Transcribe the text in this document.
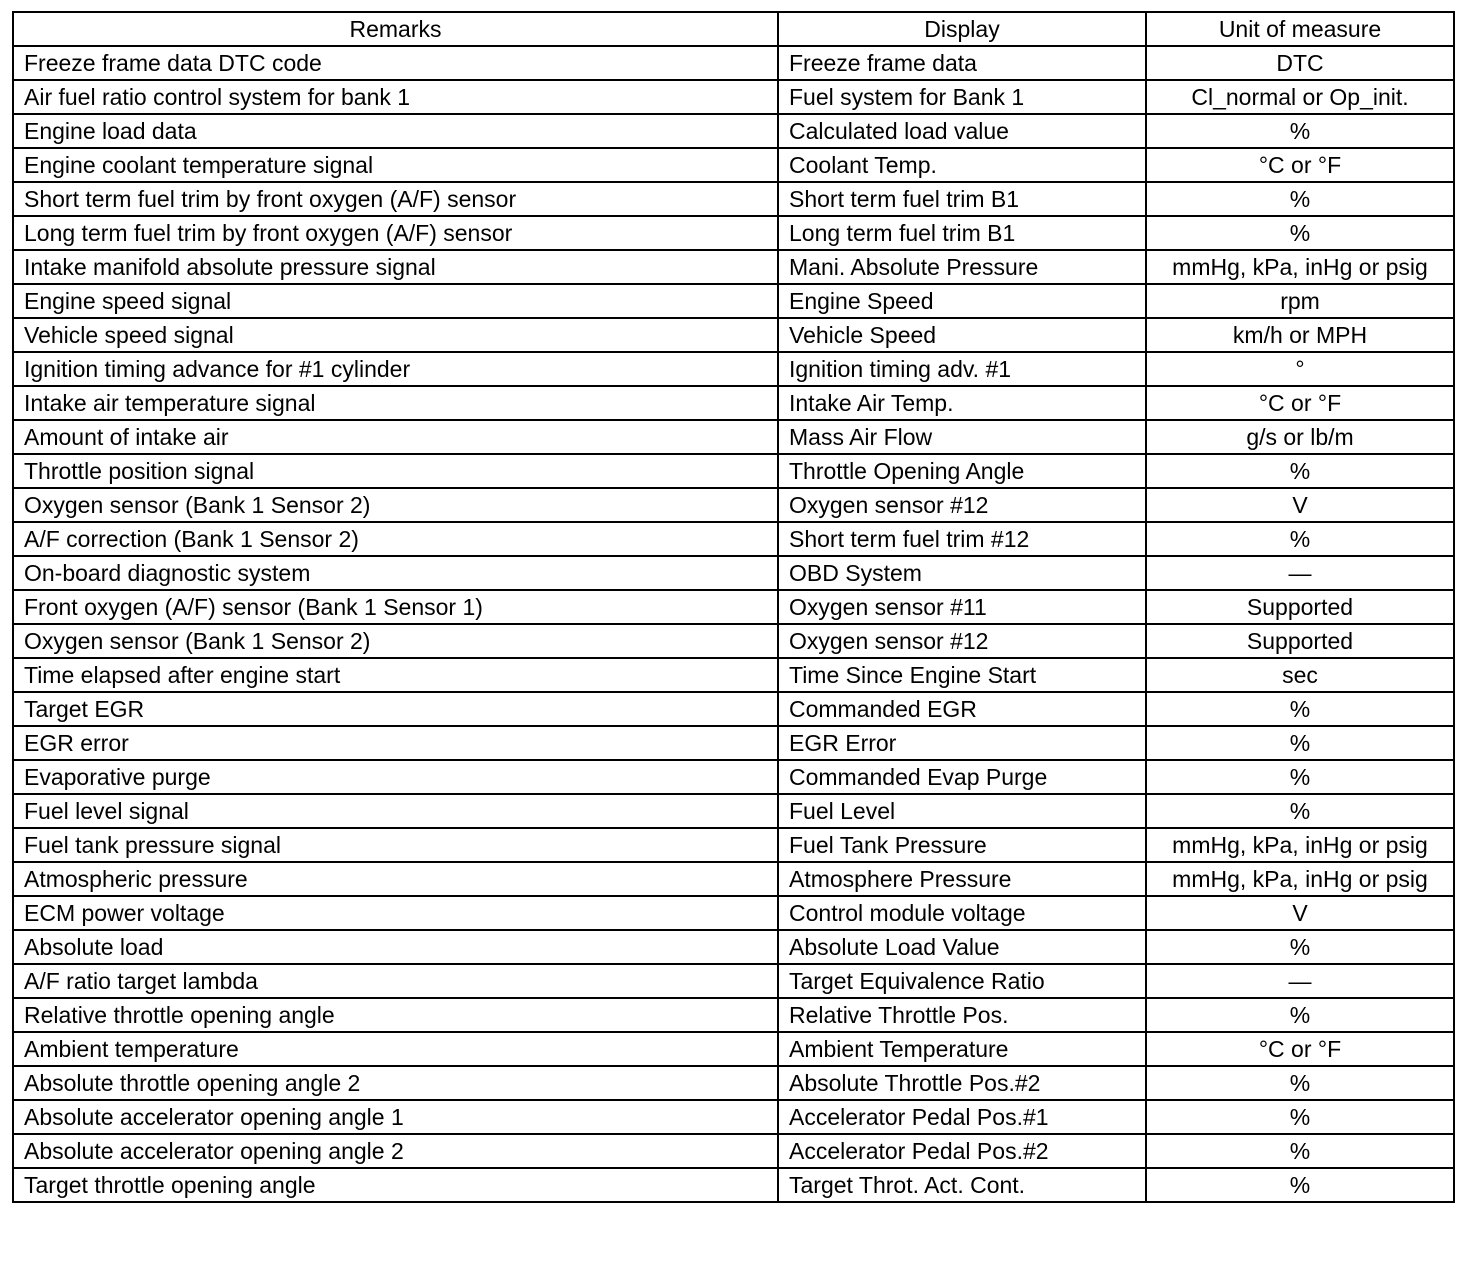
Remarks	Display	Unit of measure
Freeze frame data DTC code	Freeze frame data	DTC
Air fuel ratio control system for bank 1	Fuel system for Bank 1	Cl_normal or Op_init.
Engine load data	Calculated load value	%
Engine coolant temperature signal	Coolant Temp.	°C or °F
Short term fuel trim by front oxygen (A/F) sensor	Short term fuel trim B1	%
Long term fuel trim by front oxygen (A/F) sensor	Long term fuel trim B1	%
Intake manifold absolute pressure signal	Mani. Absolute Pressure	mmHg, kPa, inHg or psig
Engine speed signal	Engine Speed	rpm
Vehicle speed signal	Vehicle Speed	km/h or MPH
Ignition timing advance for #1 cylinder	Ignition timing adv. #1	°
Intake air temperature signal	Intake Air Temp.	°C or °F
Amount of intake air	Mass Air Flow	g/s or lb/m
Throttle position signal	Throttle Opening Angle	%
Oxygen sensor (Bank 1 Sensor 2)	Oxygen sensor #12	V
A/F correction (Bank 1 Sensor 2)	Short term fuel trim #12	%
On-board diagnostic system	OBD System	—
Front oxygen (A/F) sensor (Bank 1 Sensor 1)	Oxygen sensor #11	Supported
Oxygen sensor (Bank 1 Sensor 2)	Oxygen sensor #12	Supported
Time elapsed after engine start	Time Since Engine Start	sec
Target EGR	Commanded EGR	%
EGR error	EGR Error	%
Evaporative purge	Commanded Evap Purge	%
Fuel level signal	Fuel Level	%
Fuel tank pressure signal	Fuel Tank Pressure	mmHg, kPa, inHg or psig
Atmospheric pressure	Atmosphere Pressure	mmHg, kPa, inHg or psig
ECM power voltage	Control module voltage	V
Absolute load	Absolute Load Value	%
A/F ratio target lambda	Target Equivalence Ratio	—
Relative throttle opening angle	Relative Throttle Pos.	%
Ambient temperature	Ambient Temperature	°C or °F
Absolute throttle opening angle 2	Absolute Throttle Pos.#2	%
Absolute accelerator opening angle 1	Accelerator Pedal Pos.#1	%
Absolute accelerator opening angle 2	Accelerator Pedal Pos.#2	%
Target throttle opening angle	Target Throt. Act. Cont.	%
